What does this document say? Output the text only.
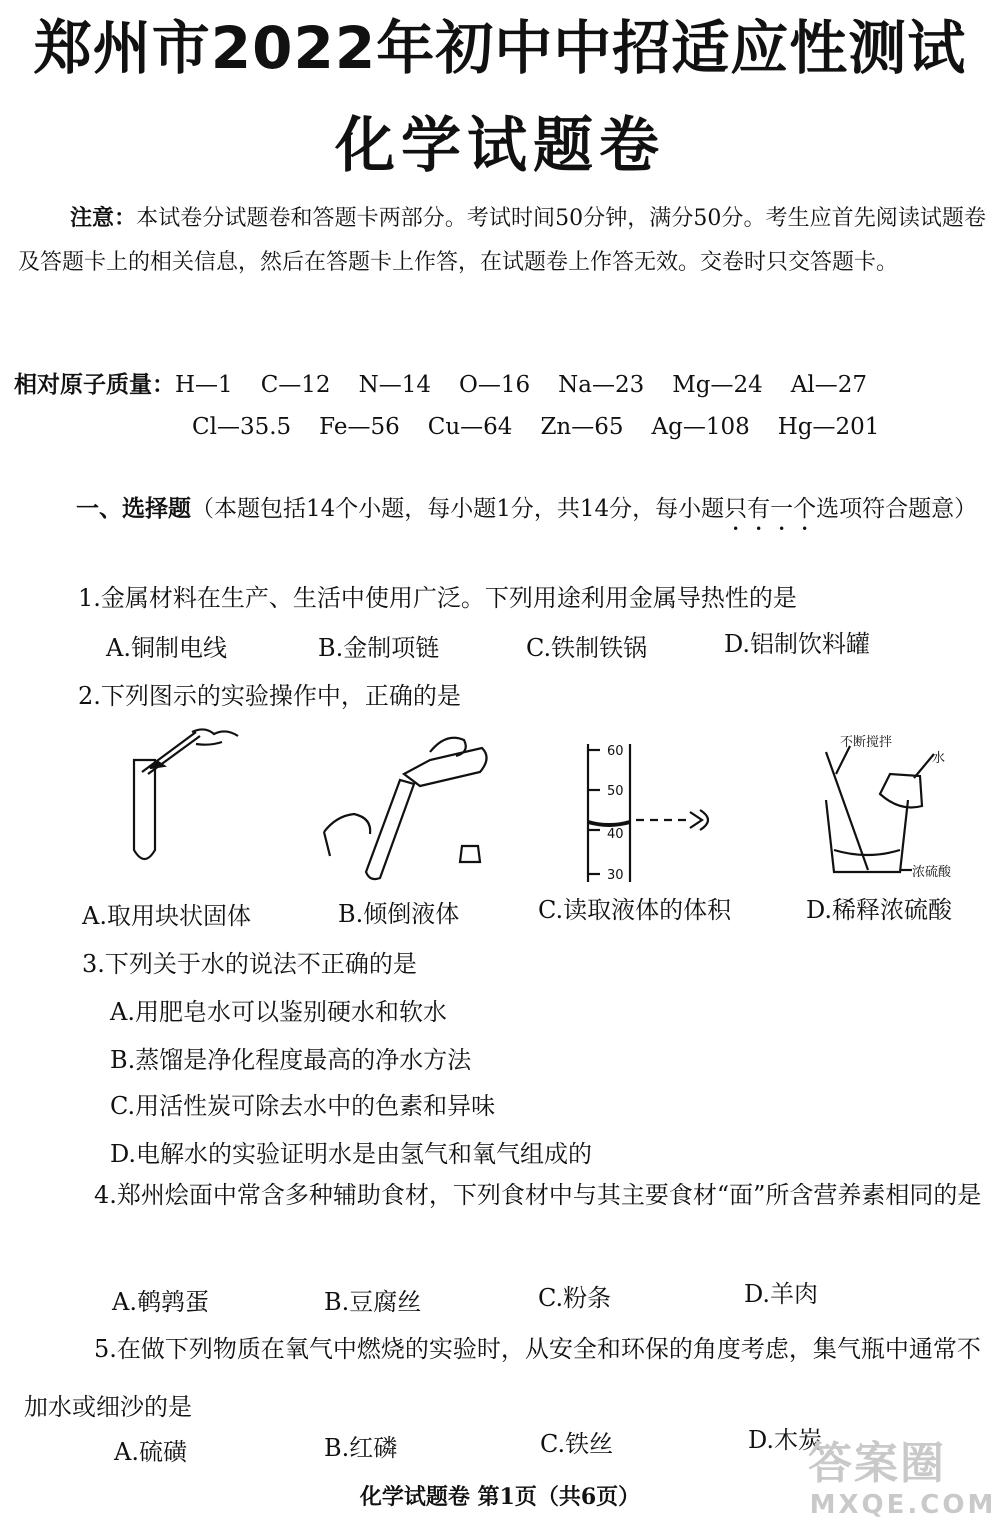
郑州市2022年初中中招适应性测试
化学试题卷
注意：本试卷分试题卷和答题卡两部分。考试时间50分钟，满分50分。考生应首先阅读试题卷及答题卡上的相关信息，然后在答题卡上作答，在试题卷上作答无效。交卷时只交答题卡。
相对原子质量：H—1 C—12 N—14 O—16 Na—23 Mg—24 Al—27
Cl—35.5 Fe—56 Cu—64 Zn—65 Ag—108 Hg—201
一、选择题（本题包括14个小题，每小题1分，共14分，每小题只有一个选项符合题意）
1.金属材料在生产、生活中使用广泛。下列用途利用金属导热性的是
A.铜制电线	B.金制项链	C.铁制铁锅	D.铝制饮料罐
2.下列图示的实验操作中，正确的是
60
50
40
30
不断搅拌
水
浓硫酸
A.取用块状固体	B.倾倒液体	C.读取液体的体积	D.稀释浓硫酸
3.下列关于水的说法不正确的是
A.用肥皂水可以鉴别硬水和软水
B.蒸馏是净化程度最高的净水方法
C.用活性炭可除去水中的色素和异味
D.电解水的实验证明水是由氢气和氧气组成的
4.郑州烩面中常含多种辅助食材，下列食材中与其主要食材“面”所含营养素相同的是
A.鹌鹑蛋	B.豆腐丝	C.粉条	D.羊肉
5.在做下列物质在氧气中燃烧的实验时，从安全和环保的角度考虑，集气瓶中通常不加水或细沙的是
A.硫磺	B.红磷	C.铁丝	D.木炭
化学试题卷 第1页（共6页）
答案圈
MXQE.COM
